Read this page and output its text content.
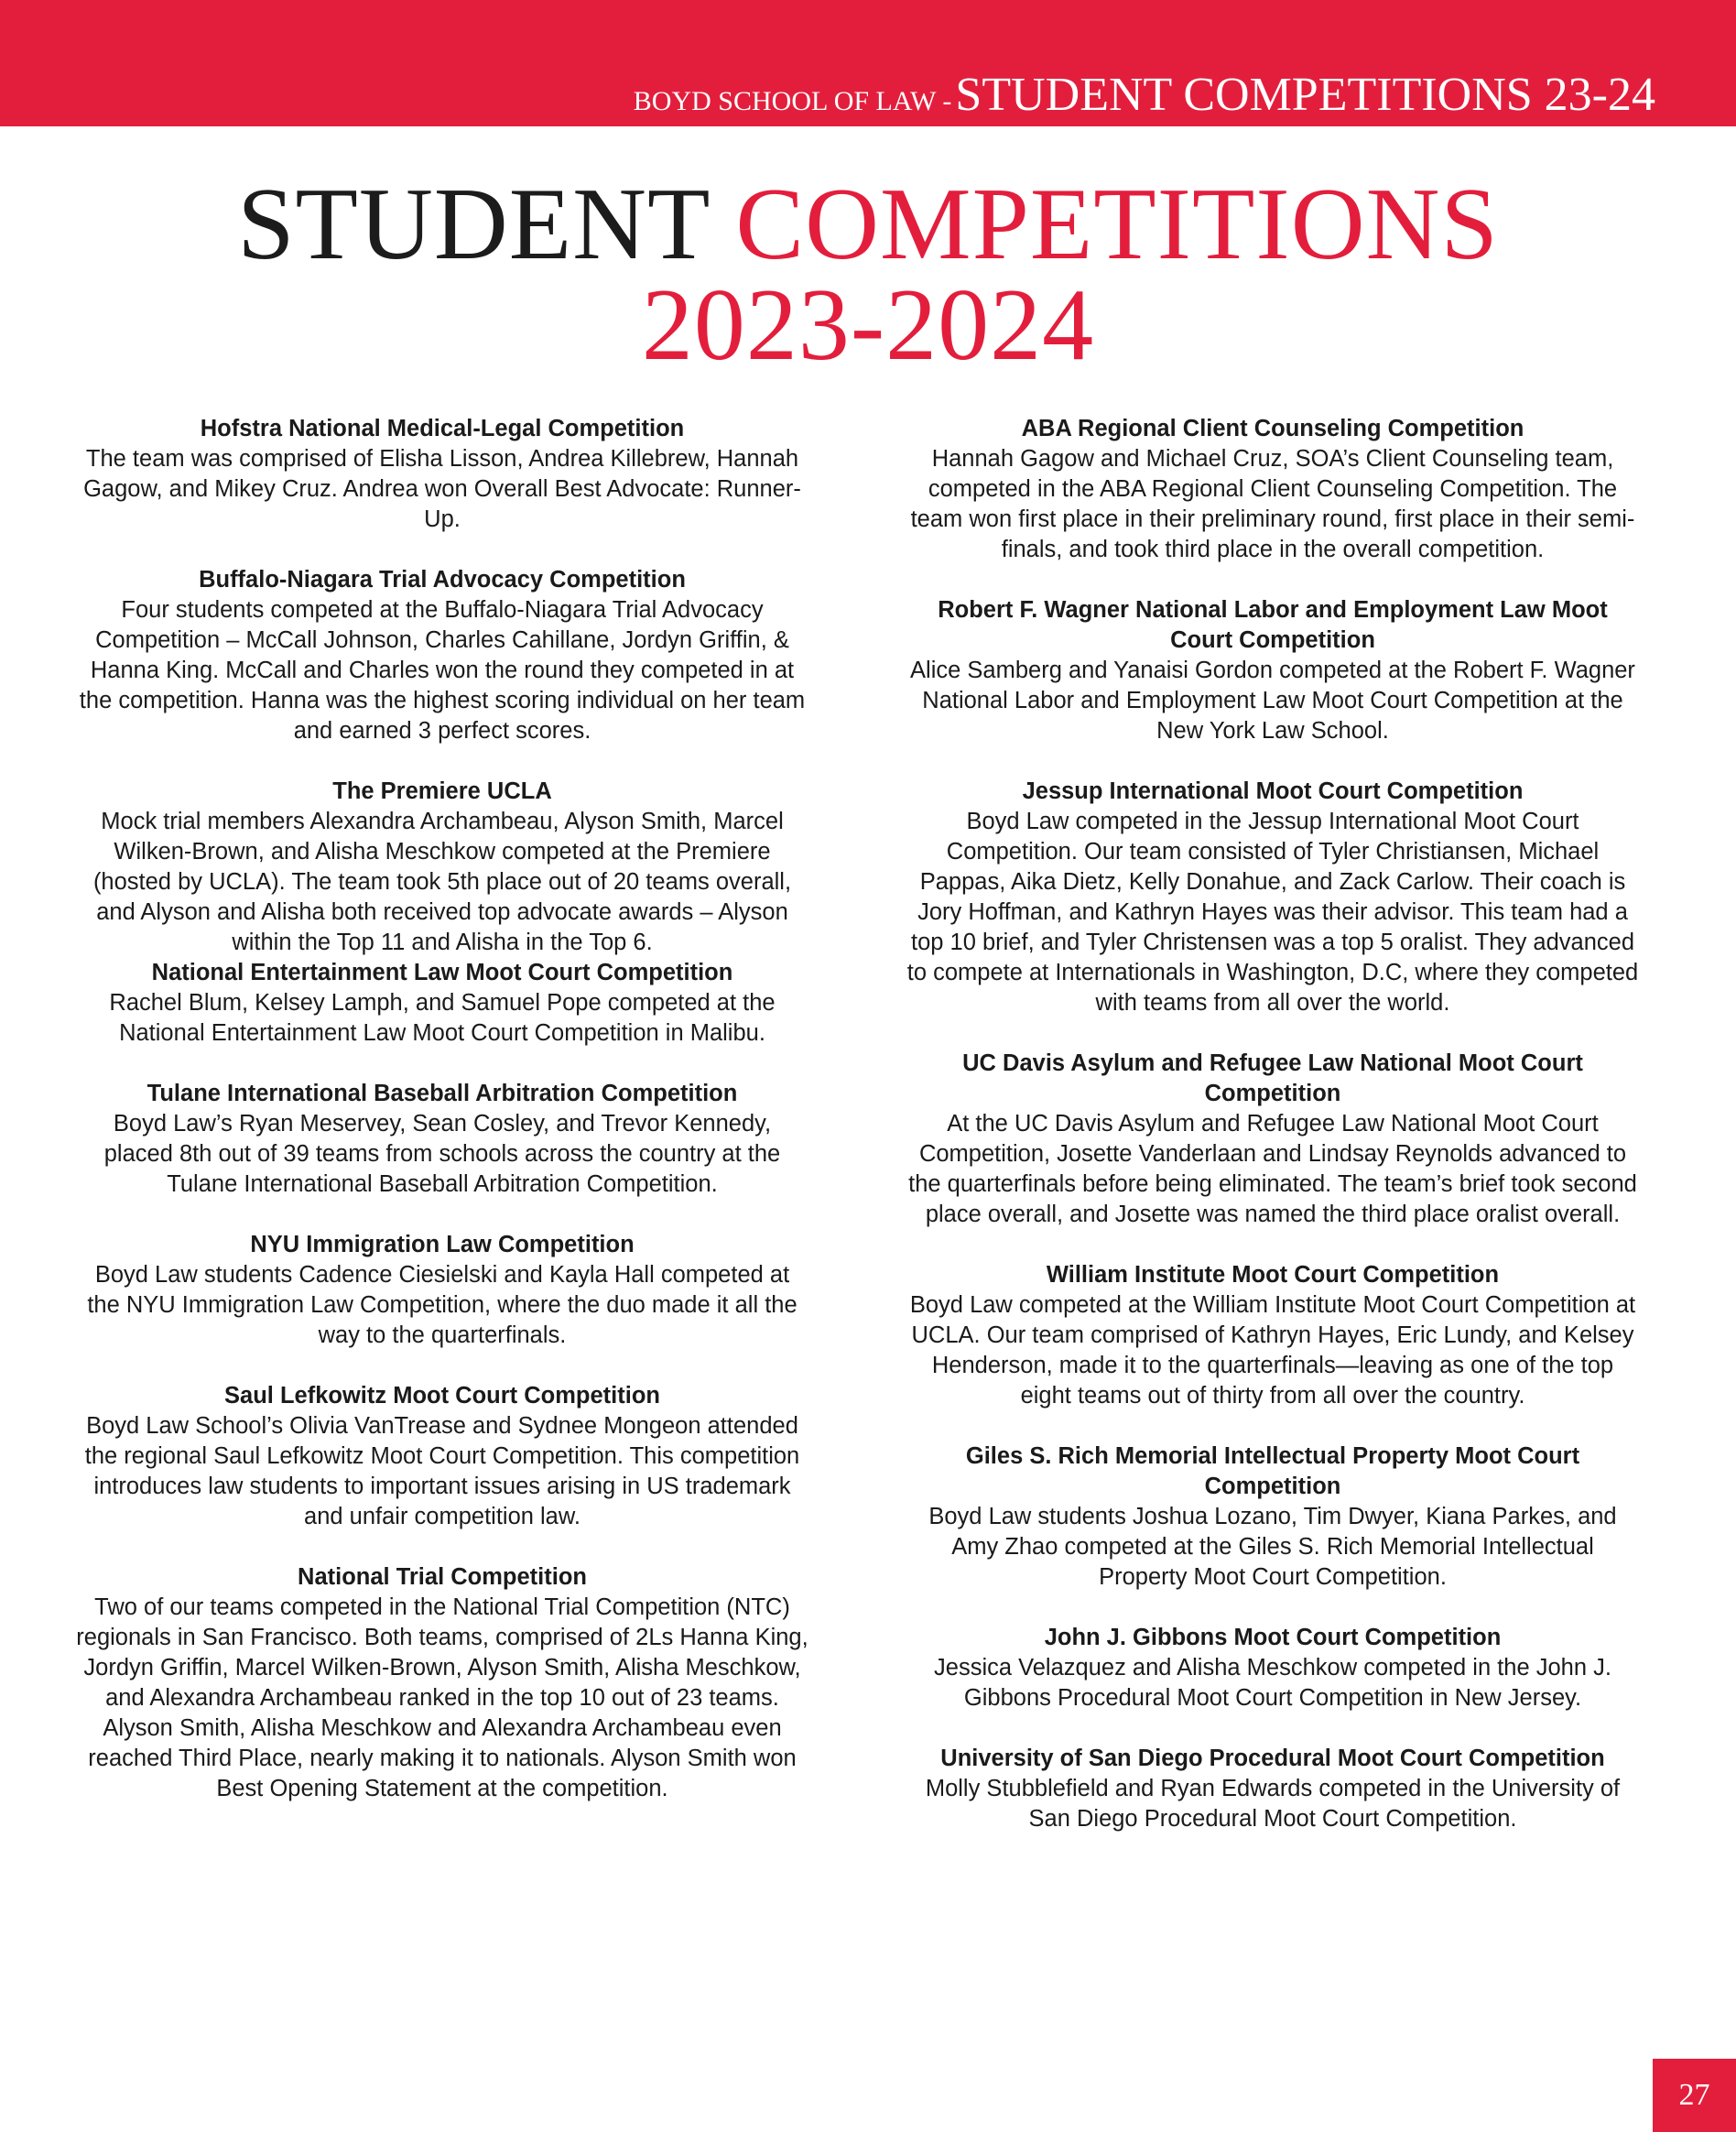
BOYD SCHOOL OF LAW - STUDENT COMPETITIONS 23-24
STUDENT COMPETITIONS
2023-2024
Hofstra National Medical-Legal Competition

The team was comprised of Elisha Lisson, Andrea Killebrew, Hannah Gagow, and Mikey Cruz. Andrea won Overall Best Advocate: Runner-Up.

Buffalo-Niagara Trial Advocacy Competition

Four students competed at the Buffalo-Niagara Trial Advocacy Competition – McCall Johnson, Charles Cahillane, Jordyn Griffin, & Hanna King. McCall and Charles won the round they competed in at the competition. Hanna was the highest scoring individual on her team and earned 3 perfect scores.

The Premiere UCLA

Mock trial members Alexandra Archambeau, Alyson Smith, Marcel Wilken-Brown, and Alisha Meschkow competed at the Premiere (hosted by UCLA). The team took 5th place out of 20 teams overall, and Alyson and Alisha both received top advocate awards – Alyson within the Top 11 and Alisha in the Top 6.

National Entertainment Law Moot Court Competition

Rachel Blum, Kelsey Lamph, and Samuel Pope competed at the National Entertainment Law Moot Court Competition in Malibu.

Tulane International Baseball Arbitration Competition

Boyd Law’s Ryan Meservey, Sean Cosley, and Trevor Kennedy, placed 8th out of 39 teams from schools across the country at the Tulane International Baseball Arbitration Competition.

NYU Immigration Law Competition

Boyd Law students Cadence Ciesielski and Kayla Hall competed at the NYU Immigration Law Competition, where the duo made it all the way to the quarterfinals.

Saul Lefkowitz Moot Court Competition

Boyd Law School’s Olivia VanTrease and Sydnee Mongeon attended the regional Saul Lefkowitz Moot Court Competition. This competition introduces law students to important issues arising in US trademark and unfair competition law.

National Trial Competition

Two of our teams competed in the National Trial Competition (NTC) regionals in San Francisco. Both teams, comprised of 2Ls Hanna King, Jordyn Griffin, Marcel Wilken-Brown, Alyson Smith, Alisha Meschkow, and Alexandra Archambeau ranked in the top 10 out of 23 teams. Alyson Smith, Alisha Meschkow and Alexandra Archambeau even reached Third Place, nearly making it to nationals. Alyson Smith won Best Opening Statement at the competition.

ABA Regional Client Counseling Competition

Hannah Gagow and Michael Cruz, SOA’s Client Counseling team, competed in the ABA Regional Client Counseling Competition. The team won first place in their preliminary round, first place in their semi-finals, and took third place in the overall competition.

Robert F. Wagner National Labor and Employment Law Moot Court Competition

Alice Samberg and Yanaisi Gordon competed at the Robert F. Wagner National Labor and Employment Law Moot Court Competition at the New York Law School.

Jessup International Moot Court Competition

Boyd Law competed in the Jessup International Moot Court Competition. Our team consisted of Tyler Christiansen, Michael Pappas, Aika Dietz, Kelly Donahue, and Zack Carlow. Their coach is Jory Hoffman, and Kathryn Hayes was their advisor. This team had a top 10 brief, and Tyler Christensen was a top 5 oralist. They advanced to compete at Internationals in Washington, D.C, where they competed with teams from all over the world.

UC Davis Asylum and Refugee Law National Moot Court Competition

At the UC Davis Asylum and Refugee Law National Moot Court Competition, Josette Vanderlaan and Lindsay Reynolds advanced to the quarterfinals before being eliminated. The team’s brief took second place overall, and Josette was named the third place oralist overall.

William Institute Moot Court Competition

Boyd Law competed at the William Institute Moot Court Competition at UCLA. Our team comprised of Kathryn Hayes, Eric Lundy, and Kelsey Henderson, made it to the quarterfinals—leaving as one of the top eight teams out of thirty from all over the country.

Giles S. Rich Memorial Intellectual Property Moot Court Competition

Boyd Law students Joshua Lozano, Tim Dwyer, Kiana Parkes, and Amy Zhao competed at the Giles S. Rich Memorial Intellectual Property Moot Court Competition.

John J. Gibbons Moot Court Competition

Jessica Velazquez and Alisha Meschkow competed in the John J. Gibbons Procedural Moot Court Competition in New Jersey.

University of San Diego Procedural Moot Court Competition

Molly Stubblefield and Ryan Edwards competed in the University of San Diego Procedural Moot Court Competition.

27
